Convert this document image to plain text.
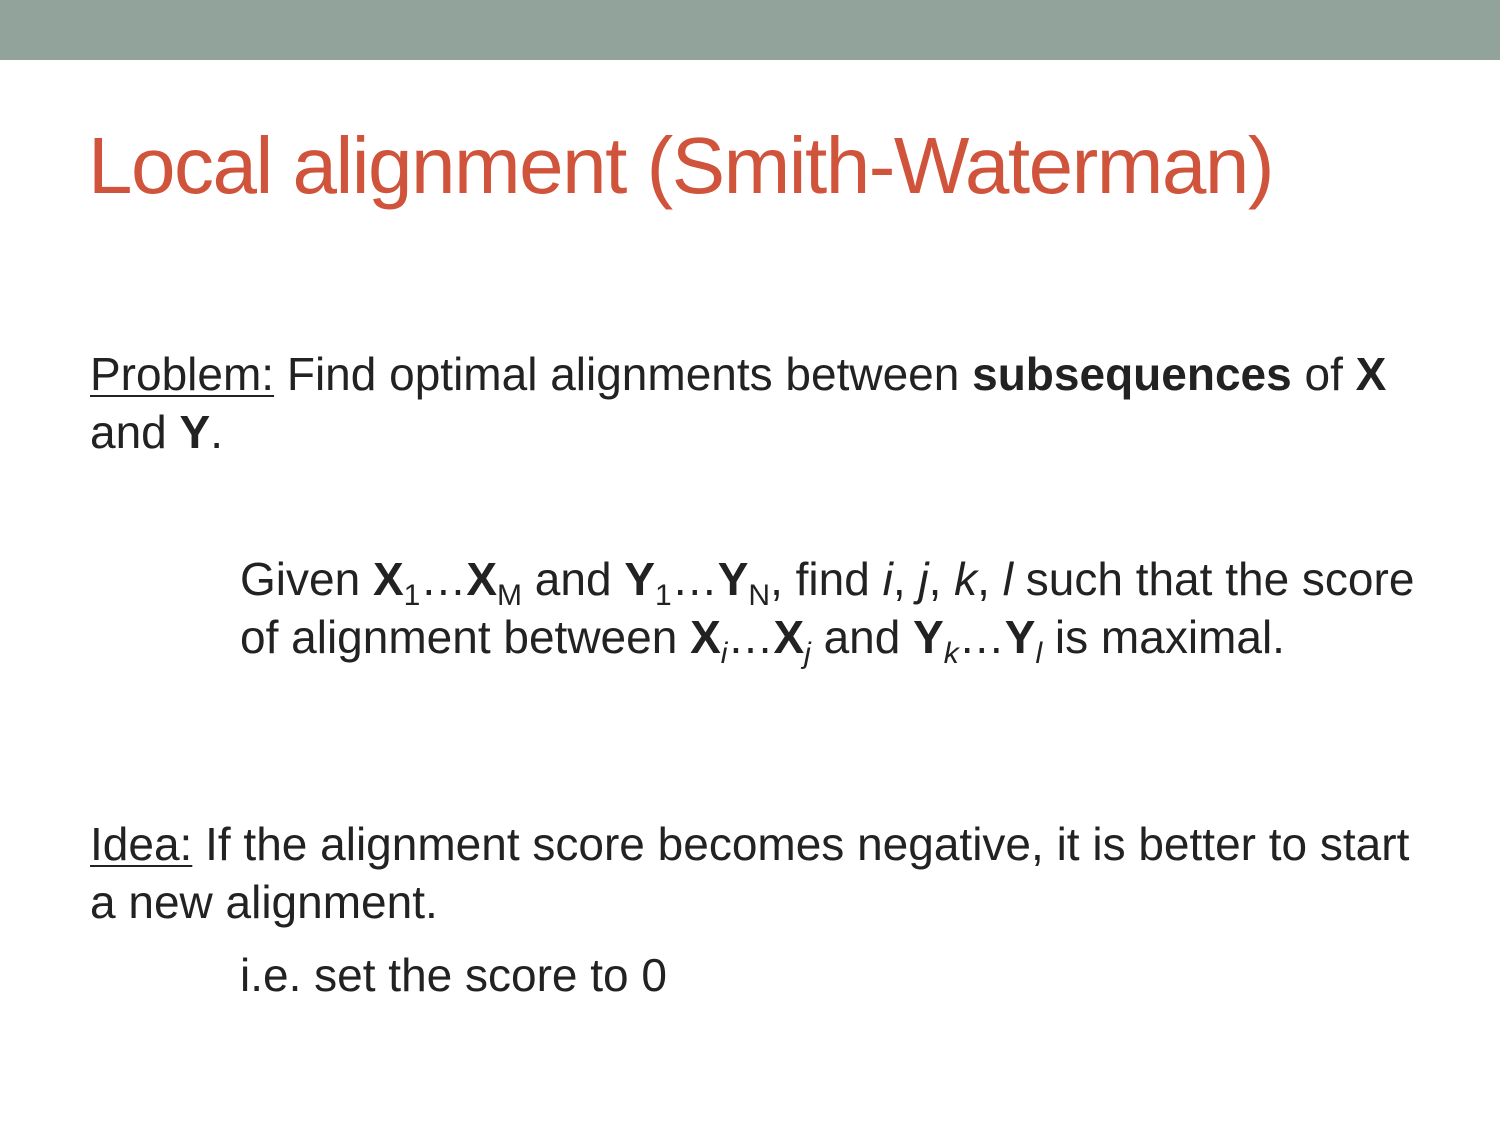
Local alignment (Smith-Waterman)
Problem: Find optimal alignments between subsequences of X and Y.
Given $X_1\dots X_M$ and $Y_1\dots Y_N$, find i, j, k, l such that the score of alignment between $X_i\dots X_j$ and $Y_k\dots Y_l$ is maximal.
Idea: If the alignment score becomes negative, it is better to start a new alignment.
i.e. set the score to 0
